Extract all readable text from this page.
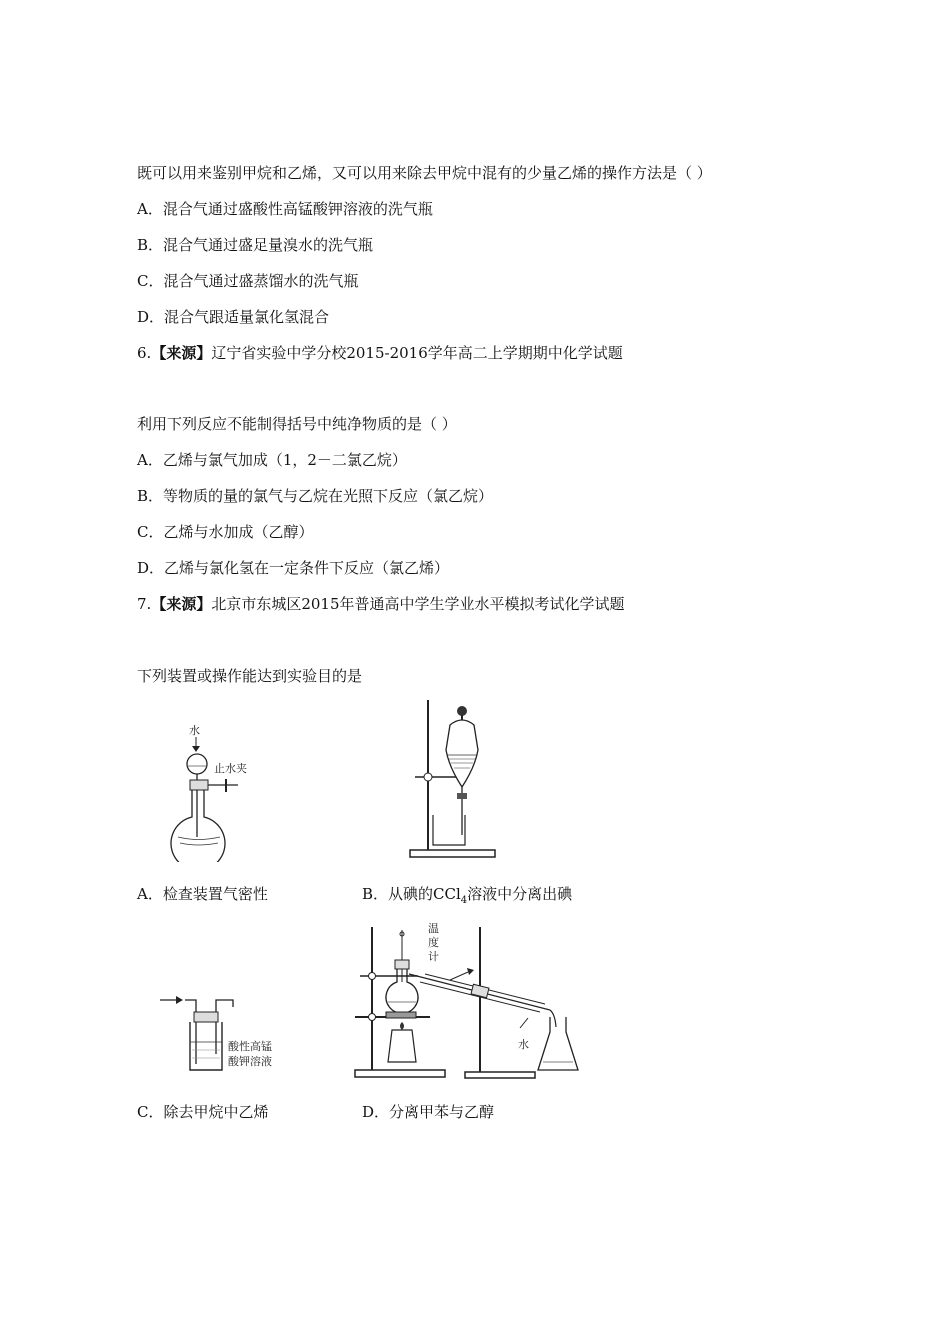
既可以用来鉴别甲烷和乙烯，又可以用来除去甲烷中混有的少量乙烯的操作方法是（ ）
A．混合气通过盛酸性高锰酸钾溶液的洗气瓶
B．混合气通过盛足量溴水的洗气瓶
C．混合气通过盛蒸馏水的洗气瓶
D．混合气跟适量氯化氢混合
6.【来源】辽宁省实验中学分校2015-2016学年高二上学期期中化学试题
利用下列反应不能制得括号中纯净物质的是（ ）
A．乙烯与氯气加成（1，2－二氯乙烷）
B．等物质的量的氯气与乙烷在光照下反应（氯乙烷）
C．乙烯与水加成（乙醇）
D．乙烯与氯化氢在一定条件下反应（氯乙烯）
7.【来源】北京市东城区2015年普通高中学生学业水平模拟考试化学试题
下列装置或操作能达到实验目的是
水
止水夹
A．检查装置气密性	B．从碘的CCl$_4$溶液中分离出碘
酸性高锰
酸钾溶液
温
度
计
水
C．除去甲烷中乙烯	D．分离甲苯与乙醇
